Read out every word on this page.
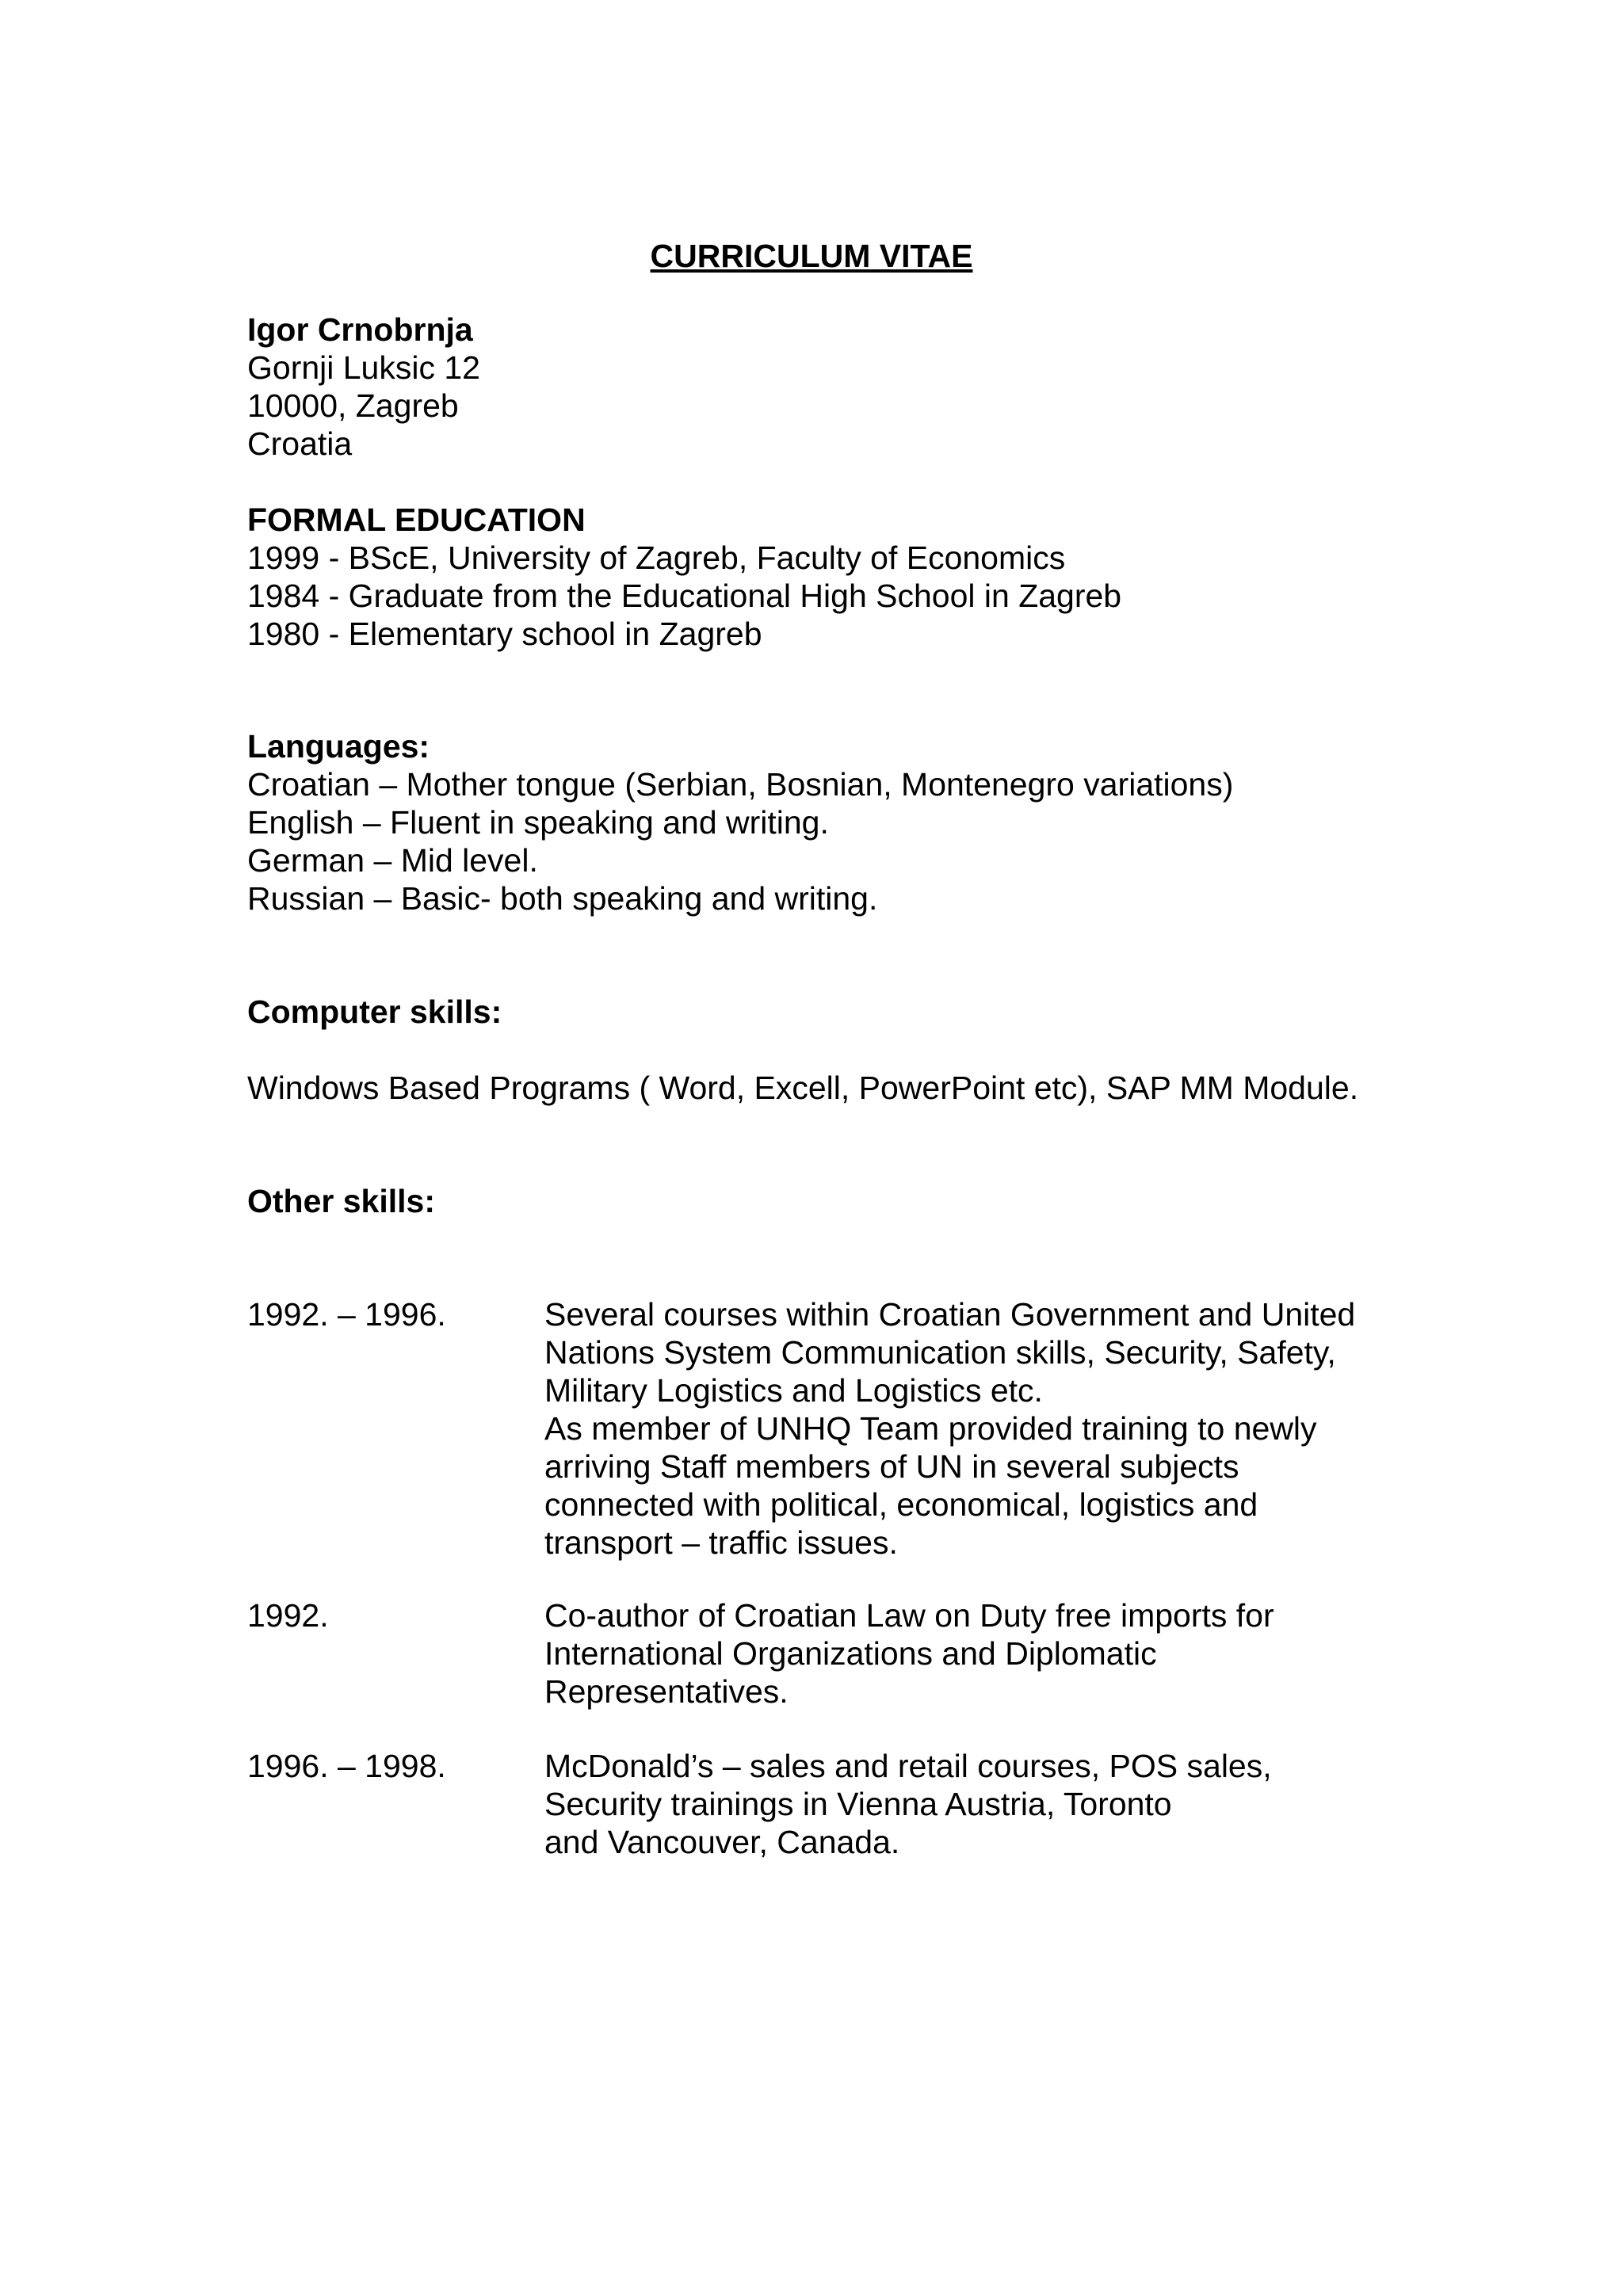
CURRICULUM VITAE
Igor Crnobrnja
Gornji Luksic 12
10000, Zagreb
Croatia
FORMAL EDUCATION
1999 - BScE, University of Zagreb, Faculty of Economics
1984 - Graduate from the Educational High School in Zagreb
1980 - Elementary school in Zagreb
Languages:
Croatian – Mother tongue (Serbian, Bosnian, Montenegro variations)
English – Fluent in speaking and writing.
German – Mid level.
Russian – Basic- both speaking and writing.
Computer skills:
Windows Based Programs ( Word, Excell, PowerPoint etc), SAP MM Module.
Other skills:
1992. – 1996.	Several courses within Croatian Government and United
Nations System Communication skills, Security, Safety,
Military Logistics and Logistics etc.
As member of UNHQ Team provided training to newly
arriving Staff members of UN in several subjects
connected with political, economical, logistics and
transport – traffic issues.
1992.	Co-author of Croatian Law on Duty free imports for
International Organizations and Diplomatic
Representatives.
1996. – 1998.	McDonald’s – sales and retail courses, POS sales,
Security trainings in Vienna Austria, Toronto
and Vancouver, Canada.
